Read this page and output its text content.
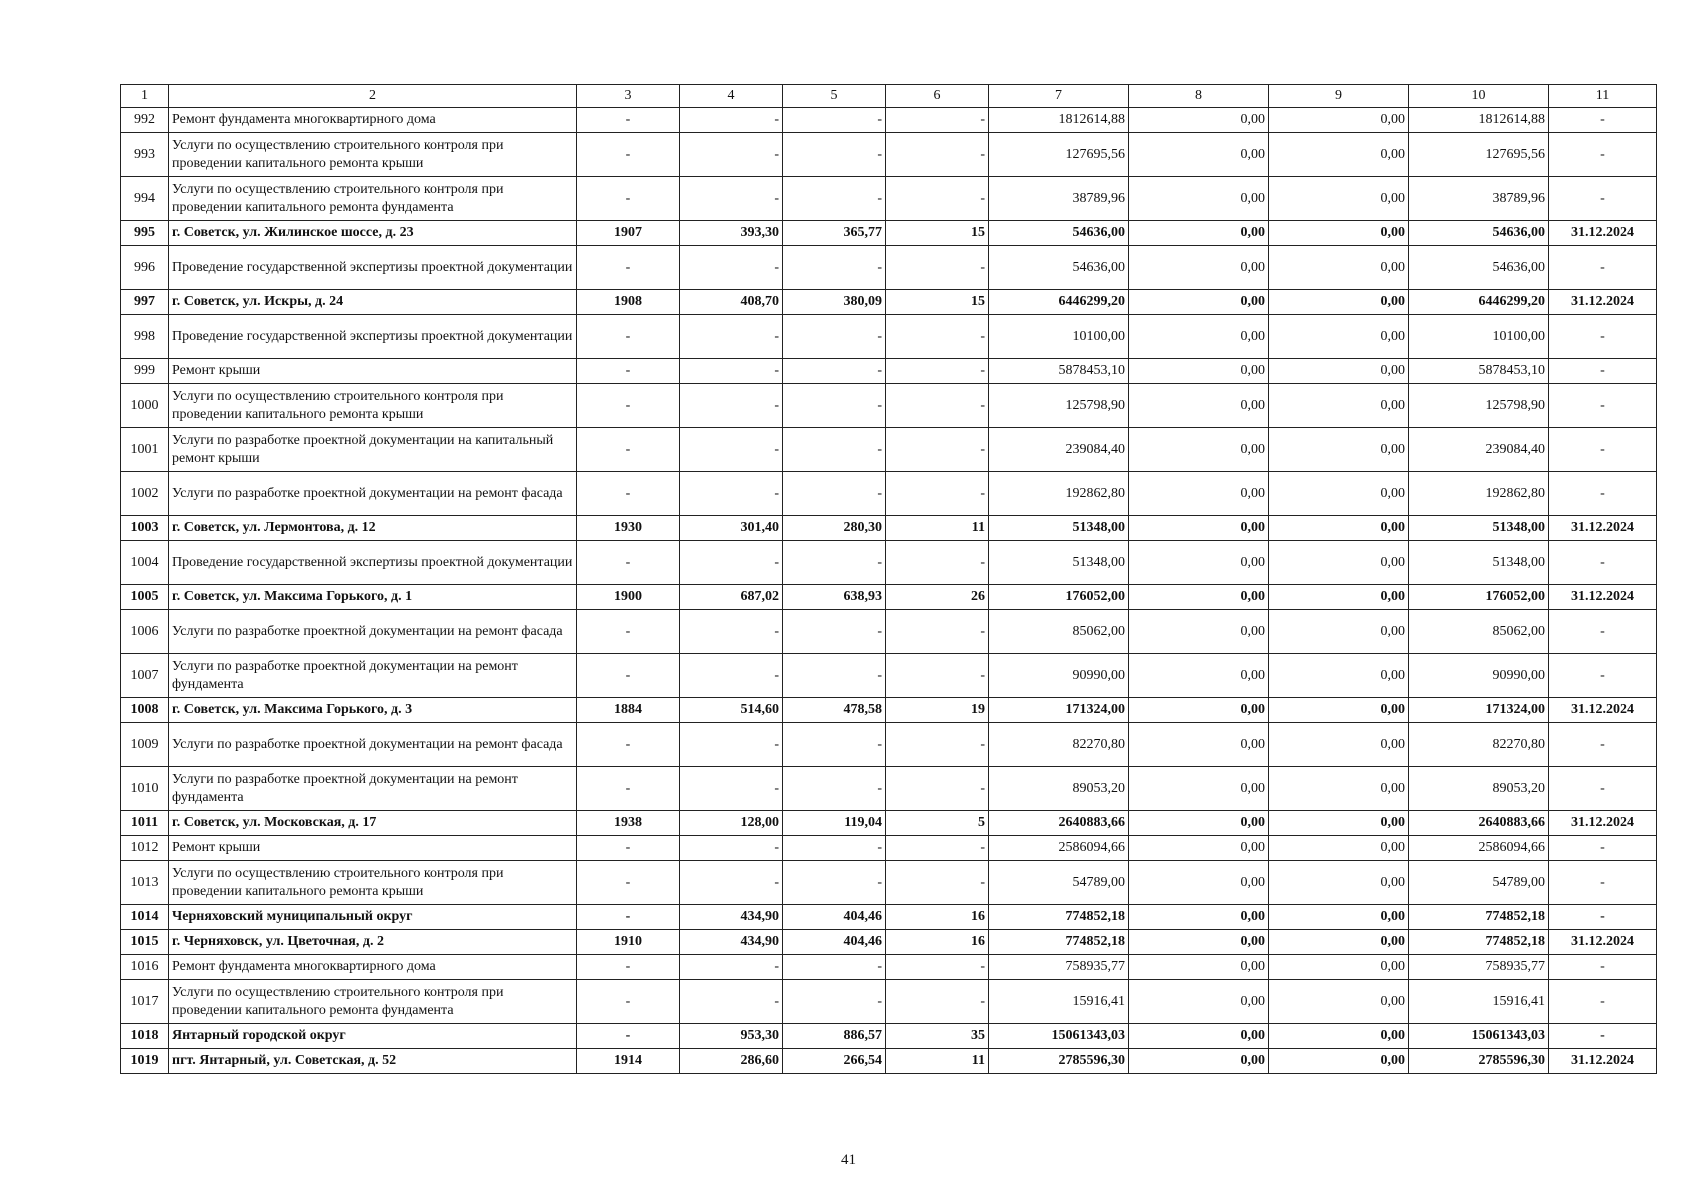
1	2	3	4	5	6	7	8	9	10	11
992	Ремонт фундамента многоквартирного дома	-	-	-	-	1812614,88	0,00	0,00	1812614,88	-
993	Услуги по осуществлению строительного контроля при проведении капитального ремонта крыши	-	-	-	-	127695,56	0,00	0,00	127695,56	-
994	Услуги по осуществлению строительного контроля при проведении капитального ремонта фундамента	-	-	-	-	38789,96	0,00	0,00	38789,96	-
995	г. Советск, ул. Жилинское шоссе, д. 23	1907	393,30	365,77	15	54636,00	0,00	0,00	54636,00	31.12.2024
996	Проведение государственной экспертизы проектной документации	-	-	-	-	54636,00	0,00	0,00	54636,00	-
997	г. Советск, ул. Искры, д. 24	1908	408,70	380,09	15	6446299,20	0,00	0,00	6446299,20	31.12.2024
998	Проведение государственной экспертизы проектной документации	-	-	-	-	10100,00	0,00	0,00	10100,00	-
999	Ремонт крыши	-	-	-	-	5878453,10	0,00	0,00	5878453,10	-
1000	Услуги по осуществлению строительного контроля при проведении капитального ремонта крыши	-	-	-	-	125798,90	0,00	0,00	125798,90	-
1001	Услуги по разработке проектной документации на капитальный ремонт крыши	-	-	-	-	239084,40	0,00	0,00	239084,40	-
1002	Услуги по разработке проектной документации на ремонт фасада	-	-	-	-	192862,80	0,00	0,00	192862,80	-
1003	г. Советск, ул. Лермонтова, д. 12	1930	301,40	280,30	11	51348,00	0,00	0,00	51348,00	31.12.2024
1004	Проведение государственной экспертизы проектной документации	-	-	-	-	51348,00	0,00	0,00	51348,00	-
1005	г. Советск, ул. Максима Горького, д. 1	1900	687,02	638,93	26	176052,00	0,00	0,00	176052,00	31.12.2024
1006	Услуги по разработке проектной документации на ремонт фасада	-	-	-	-	85062,00	0,00	0,00	85062,00	-
1007	Услуги по разработке проектной документации на ремонт фундамента	-	-	-	-	90990,00	0,00	0,00	90990,00	-
1008	г. Советск, ул. Максима Горького, д. 3	1884	514,60	478,58	19	171324,00	0,00	0,00	171324,00	31.12.2024
1009	Услуги по разработке проектной документации на ремонт фасада	-	-	-	-	82270,80	0,00	0,00	82270,80	-
1010	Услуги по разработке проектной документации на ремонт фундамента	-	-	-	-	89053,20	0,00	0,00	89053,20	-
1011	г. Советск, ул. Московская, д. 17	1938	128,00	119,04	5	2640883,66	0,00	0,00	2640883,66	31.12.2024
1012	Ремонт крыши	-	-	-	-	2586094,66	0,00	0,00	2586094,66	-
1013	Услуги по осуществлению строительного контроля при проведении капитального ремонта крыши	-	-	-	-	54789,00	0,00	0,00	54789,00	-
1014	Черняховский муниципальный округ	-	434,90	404,46	16	774852,18	0,00	0,00	774852,18	-
1015	г. Черняховск, ул. Цветочная, д. 2	1910	434,90	404,46	16	774852,18	0,00	0,00	774852,18	31.12.2024
1016	Ремонт фундамента многоквартирного дома	-	-	-	-	758935,77	0,00	0,00	758935,77	-
1017	Услуги по осуществлению строительного контроля при проведении капитального ремонта фундамента	-	-	-	-	15916,41	0,00	0,00	15916,41	-
1018	Янтарный городской округ	-	953,30	886,57	35	15061343,03	0,00	0,00	15061343,03	-
1019	пгт. Янтарный, ул. Советская, д. 52	1914	286,60	266,54	11	2785596,30	0,00	0,00	2785596,30	31.12.2024
41
